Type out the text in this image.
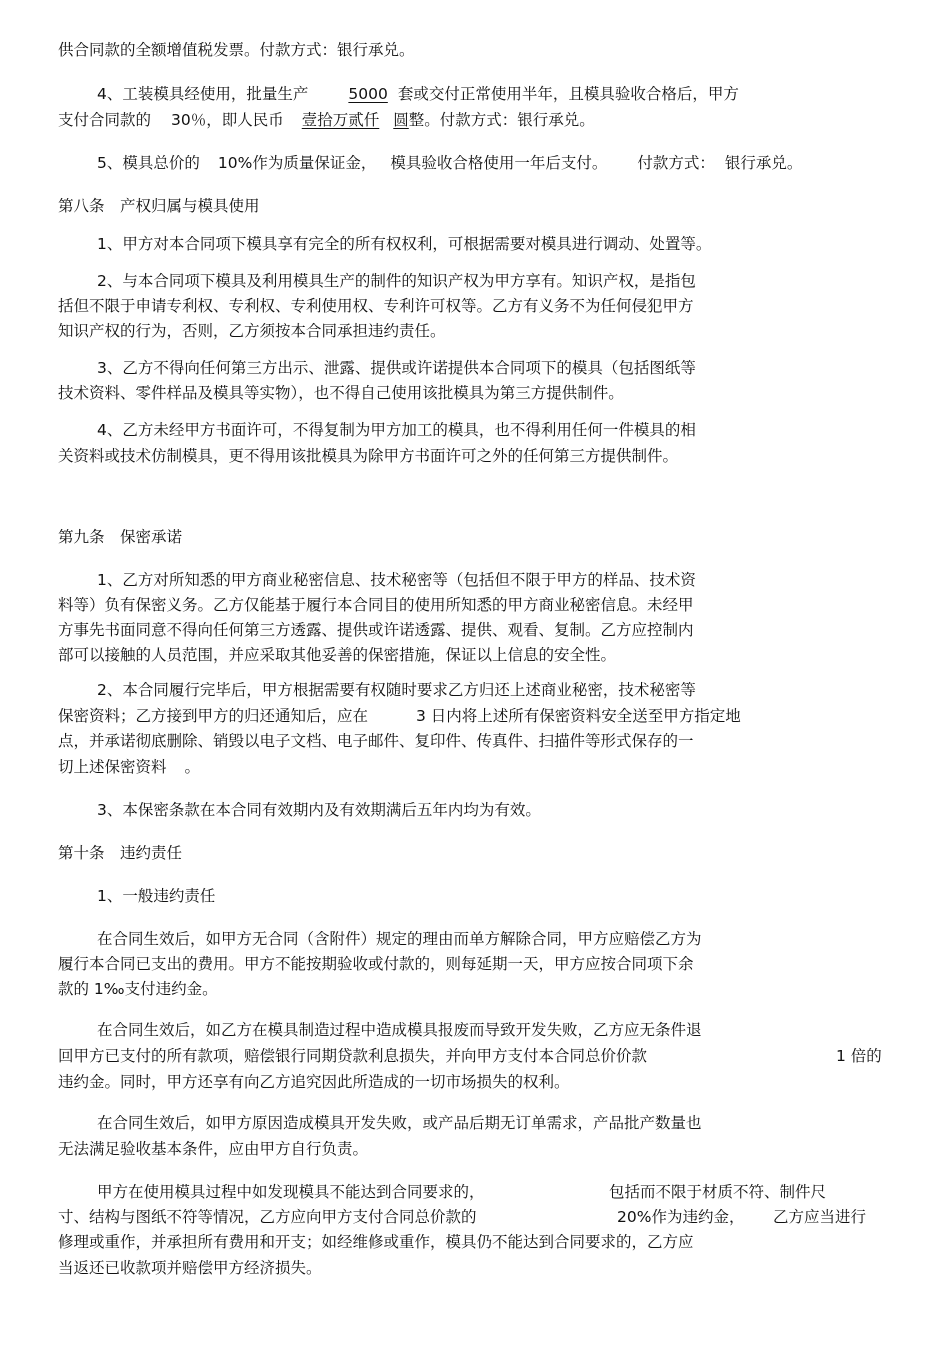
供合同款的全额增值税发票。付款方式：银行承兑。

4、工装模具经使用，批量生产	5000 套或交付正常使用半年，且模具验收合格后，甲方

支付合同款的 30％，即人民币 壹拾万贰仟 圆整。付款方式：银行承兑。

5、模具总价的 10%作为质量保证金， 模具验收合格使用一年后支付。 付款方式： 银行承兑。

第八条　产权归属与模具使用

1、甲方对本合同项下模具享有完全的所有权权利，可根据需要对模具进行调动、处置等。

2、与本合同项下模具及利用模具生产的制件的知识产权为甲方享有。知识产权，是指包

括但不限于申请专利权、专利权、专利使用权、专利许可权等。乙方有义务不为任何侵犯甲方

知识产权的行为，否则，乙方须按本合同承担违约责任。

3、乙方不得向任何第三方出示、泄露、提供或许诺提供本合同项下的模具（包括图纸等

技术资料、零件样品及模具等实物），也不得自己使用该批模具为第三方提供制件。

4、乙方未经甲方书面许可，不得复制为甲方加工的模具，也不得利用任何一件模具的相

关资料或技术仿制模具，更不得用该批模具为除甲方书面许可之外的任何第三方提供制件。

第九条　保密承诺

1、乙方对所知悉的甲方商业秘密信息、技术秘密等（包括但不限于甲方的样品、技术资

料等）负有保密义务。乙方仅能基于履行本合同目的使用所知悉的甲方商业秘密信息。未经甲

方事先书面同意不得向任何第三方透露、提供或许诺透露、提供、观看、复制。乙方应控制内

部可以接触的人员范围，并应采取其他妥善的保密措施，保证以上信息的安全性。

2、本合同履行完毕后，甲方根据需要有权随时要求乙方归还上述商业秘密，技术秘密等

保密资料；乙方接到甲方的归还通知后，应在	3 日内将上述所有保密资料安全送至甲方指定地

点，并承诺彻底删除、销毁以电子文档、电子邮件、复印件、传真件、扫描件等形式保存的一

切上述保密资料 。

3、本保密条款在本合同有效期内及有效期满后五年内均为有效。

第十条　违约责任

1、一般违约责任

在合同生效后，如甲方无合同（含附件）规定的理由而单方解除合同，甲方应赔偿乙方为

履行本合同已支出的费用。甲方不能按期验收或付款的，则每延期一天，甲方应按合同项下余

款的 1‰支付违约金。

在合同生效后，如乙方在模具制造过程中造成模具报废而导致开发失败，乙方应无条件退

回甲方已支付的所有款项，赔偿银行同期贷款利息损失，并向甲方支付本合同总价价款	1 倍的

违约金。同时，甲方还享有向乙方追究因此所造成的一切市场损失的权利。

在合同生效后，如甲方原因造成模具开发失败，或产品后期无订单需求，产品批产数量也

无法满足验收基本条件，应由甲方自行负责。

甲方在使用模具过程中如发现模具不能达到合同要求的，	包括而不限于材质不符、制件尺

寸、结构与图纸不符等情况，乙方应向甲方支付合同总价款的	20%作为违约金， 乙方应当进行

修理或重作，并承担所有费用和开支；如经维修或重作，模具仍不能达到合同要求的，乙方应

当返还已收款项并赔偿甲方经济损失。
